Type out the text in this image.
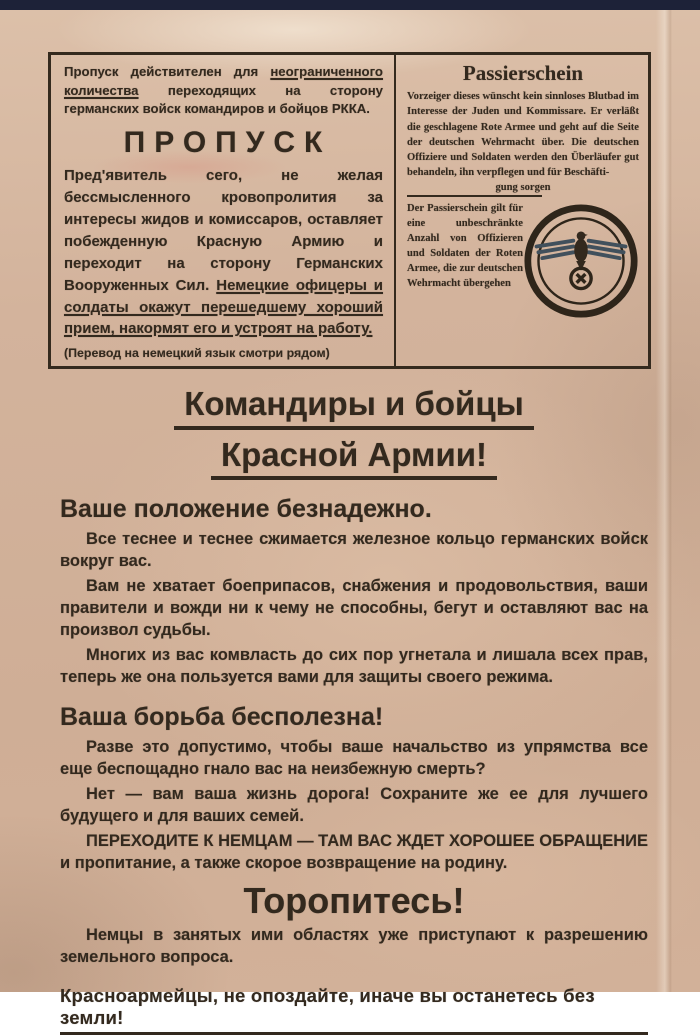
Пропуск действителен для неограниченного количества переходящих на сторону германских войск командиров и бойцов РККА.

ПРОПУСК

Пред'явитель сего, не желая бессмысленного кровопролития за интересы жидов и комиссаров, оставляет побежденную Красную Армию и переходит на сторону Германских Вооруженных Сил. Немецкие офицеры и солдаты окажут перешедшему хороший прием, накормят его и устроят на работу.

(Перевод на немецкий язык смотри рядом)

Passierschein

Vorzeiger dieses wünscht kein sinnloses Blutbad im Interesse der Juden und Kommissare. Er verläßt die geschlagene Rote Armee und geht auf die Seite der deutschen Wehrmacht über. Die deutschen Offiziere und Soldaten werden den Überläufer gut behandeln, ihn verpflegen und für Beschäfti-

gung sorgen

Der Passierschein gilt für eine unbeschränkte Anzahl von Offizieren und Soldaten der Roten Armee, die zur deutschen Wehrmacht übergehen

Командиры и бойцы
Красной Армии!
Ваше положение безнадежно.

Все теснее и теснее сжимается железное кольцо германских войск вокруг вас.

Вам не хватает боеприпасов, снабжения и продовольствия, ваши правители и вожди ни к чему не способны, бегут и оставляют вас на произвол судьбы.

Многих из вас комвласть до сих пор угнетала и лишала всех прав, теперь же она пользуется вами для защиты своего режима.

Ваша борьба бесполезна!

Разве это допустимо, чтобы ваше начальство из упрямства все еще беспощадно гнало вас на неизбежную смерть?

Нет — вам ваша жизнь дорога! Сохраните же ее для лучшего будущего и для ваших семей.

ПЕРЕХОДИТЕ К НЕМЦАМ — ТАМ ВАС ЖДЕТ ХОРОШЕЕ ОБРАЩЕНИЕ и пропитание, а также скорое возвращение на родину.

Торопитесь!

Немцы в занятых ими областях уже приступают к разрешению земельного вопроса.

Красноармейцы, не опоздайте, иначе вы останетесь без земли!
